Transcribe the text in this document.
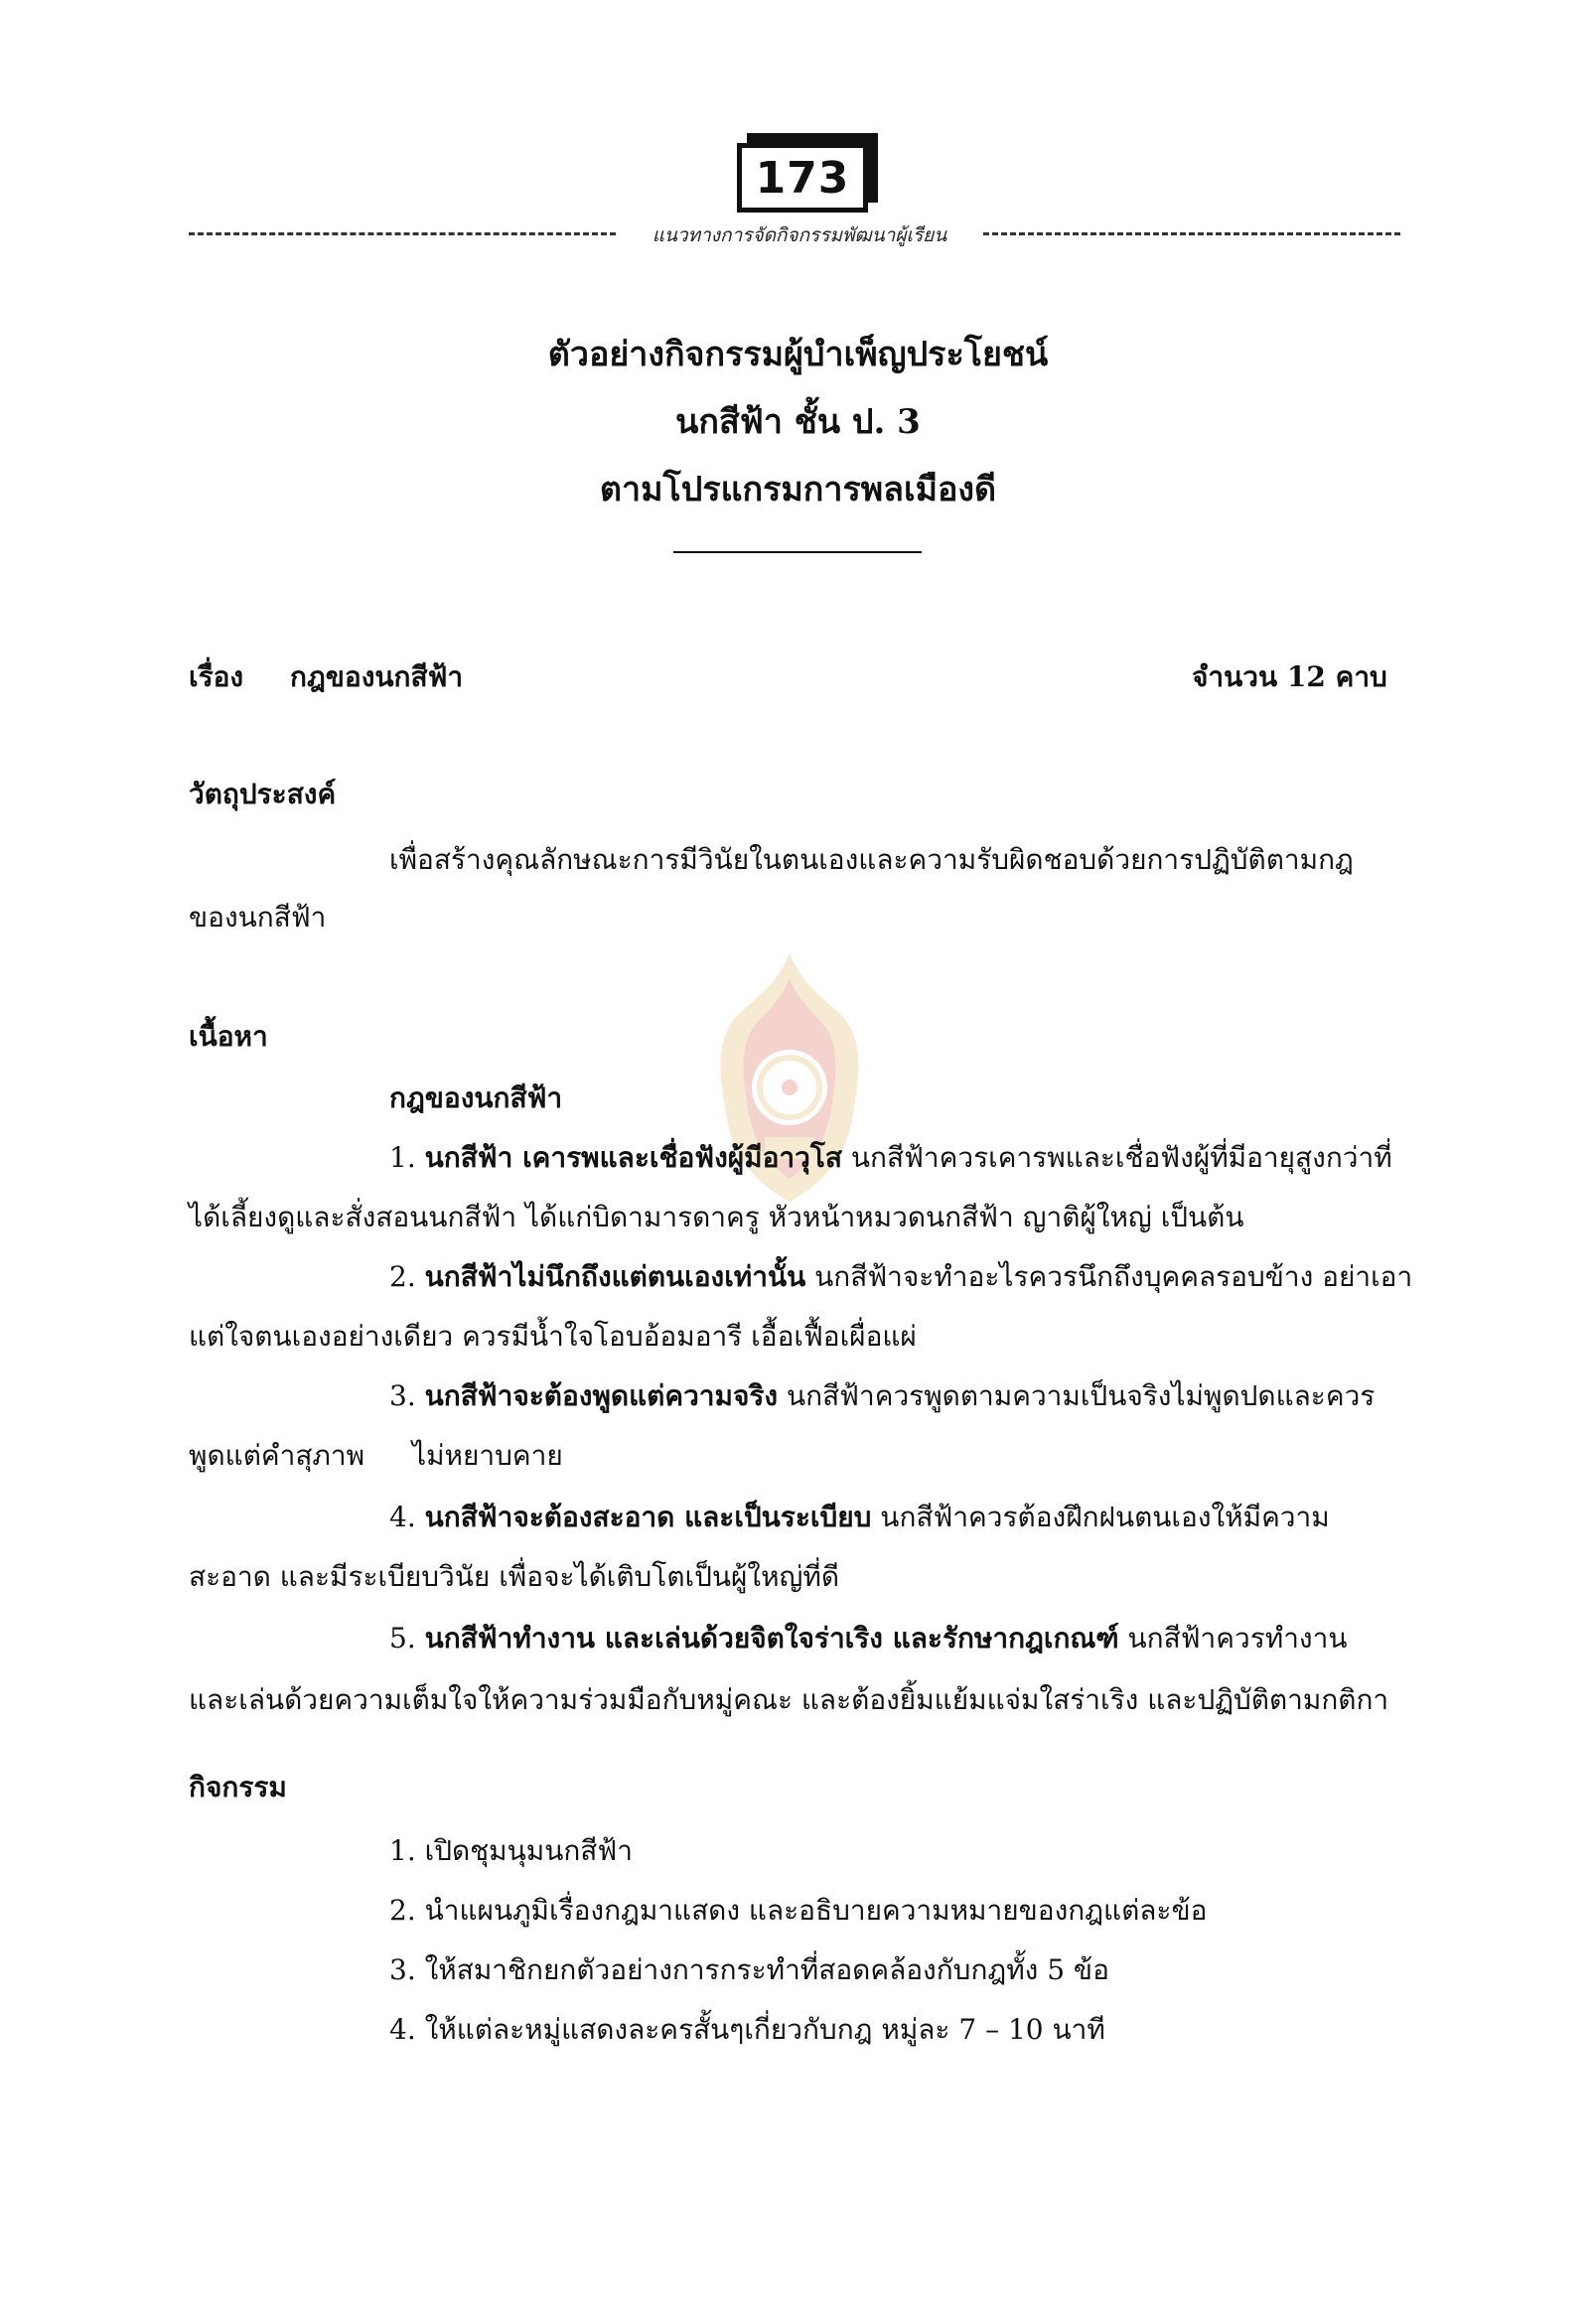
173
แนวทางการจัดกิจกรรมพัฒนาผู้เรียน
ตัวอย่างกิจกรรมผู้บำเพ็ญประโยชน์
นกสีฟ้า ชั้น ป. 3
ตามโปรแกรมการพลเมืองดี
เรื่อง กฎของนกสีฟ้า	จำนวน 12 คาบ
วัตถุประสงค์
เพื่อสร้างคุณลักษณะการมีวินัยในตนเองและความรับผิดชอบด้วยการปฏิบัติตามกฎ
ของนกสีฟ้า
เนื้อหา
กฎของนกสีฟ้า
1. นกสีฟ้า เคารพและเชื่อฟังผู้มีอาวุโส นกสีฟ้าควรเคารพและเชื่อฟังผู้ที่มีอายุสูงกว่าที่
ได้เลี้ยงดูและสั่งสอนนกสีฟ้า ได้แก่บิดามารดาครู หัวหน้าหมวดนกสีฟ้า ญาติผู้ใหญ่ เป็นต้น
2. นกสีฟ้าไม่นึกถึงแต่ตนเองเท่านั้น นกสีฟ้าจะทำอะไรควรนึกถึงบุคคลรอบข้าง อย่าเอา
แต่ใจตนเองอย่างเดียว ควรมีน้ำใจโอบอ้อมอารี เอื้อเฟื้อเผื่อแผ่
3. นกสีฟ้าจะต้องพูดแต่ความจริง นกสีฟ้าควรพูดตามความเป็นจริงไม่พูดปดและควร
พูดแต่คำสุภาพ ไม่หยาบคาย
4. นกสีฟ้าจะต้องสะอาด และเป็นระเบียบ นกสีฟ้าควรต้องฝึกฝนตนเองให้มีความ
สะอาด และมีระเบียบวินัย เพื่อจะได้เติบโตเป็นผู้ใหญ่ที่ดี
5. นกสีฟ้าทำงาน และเล่นด้วยจิตใจร่าเริง และรักษากฎเกณฑ์ นกสีฟ้าควรทำงาน
และเล่นด้วยความเต็มใจให้ความร่วมมือกับหมู่คณะ และต้องยิ้มแย้มแจ่มใสร่าเริง และปฏิบัติตามกติกา
กิจกรรม
1. เปิดชุมนุมนกสีฟ้า
2. นำแผนภูมิเรื่องกฎมาแสดง และอธิบายความหมายของกฎแต่ละข้อ
3. ให้สมาชิกยกตัวอย่างการกระทำที่สอดคล้องกับกฎทั้ง 5 ข้อ
4. ให้แต่ละหมู่แสดงละครสั้นๆเกี่ยวกับกฎ หมู่ละ 7 – 10 นาที
